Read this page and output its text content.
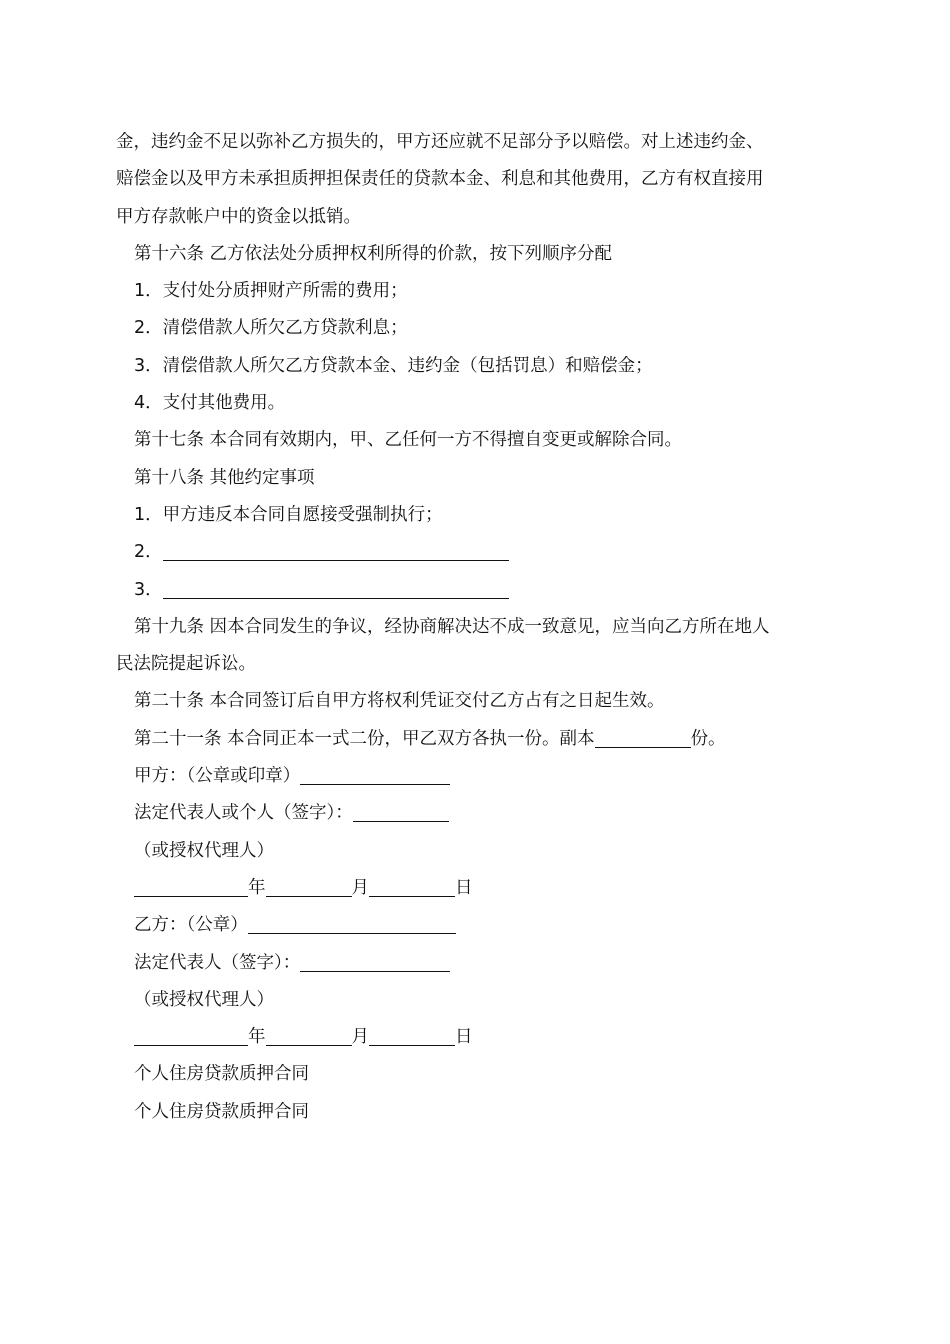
金，违约金不足以弥补乙方损失的，甲方还应就不足部分予以赔偿。对上述违约金、
赔偿金以及甲方未承担质押担保责任的贷款本金、利息和其他费用，乙方有权直接用
甲方存款帐户中的资金以抵销。
第十六条 乙方依法处分质押权利所得的价款，按下列顺序分配
1．支付处分质押财产所需的费用；
2．清偿借款人所欠乙方贷款利息；
3．清偿借款人所欠乙方贷款本金、违约金（包括罚息）和赔偿金；
4．支付其他费用。
第十七条 本合同有效期内，甲、乙任何一方不得擅自变更或解除合同。
第十八条 其他约定事项
1．甲方违反本合同自愿接受强制执行；
2．
3．
第十九条 因本合同发生的争议，经协商解决达不成一致意见，应当向乙方所在地人
民法院提起诉讼。
第二十条 本合同签订后自甲方将权利凭证交付乙方占有之日起生效。
第二十一条 本合同正本一式二份，甲乙双方各执一份。副本	份。
甲方：（公章或印章）
法定代表人或个人（签字）：
（或授权代理人）
年	月	日
乙方：（公章）
法定代表人（签字）：
（或授权代理人）
年	月	日
个人住房贷款质押合同
个人住房贷款质押合同
